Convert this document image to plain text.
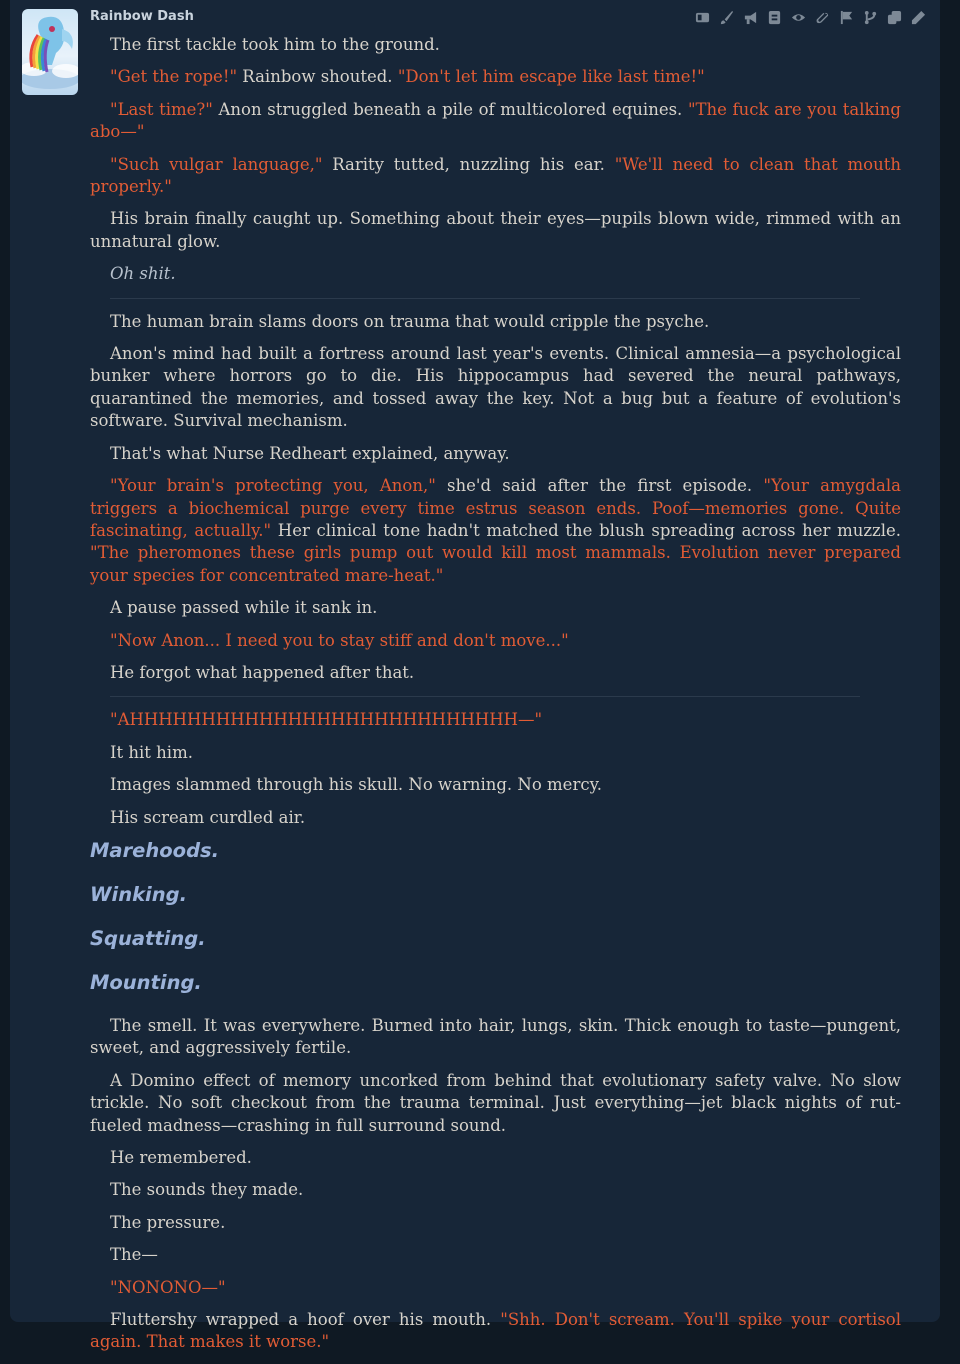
Rainbow Dash

The first tackle took him to the ground.

"Get the rope!" Rainbow shouted. "Don't let him escape like last time!"

"Last time?" Anon struggled beneath a pile of multicolored equines. "The fuck are you talking abo—"

"Such vulgar language," Rarity tutted, nuzzling his ear. "We'll need to clean that mouth properly."

His brain finally caught up. Something about their eyes—pupils blown wide, rimmed with an unnatural glow.

Oh shit.

The human brain slams doors on trauma that would cripple the psyche.

Anon's mind had built a fortress around last year's events. Clinical amnesia—a psychological bunker where horrors go to die. His hippocampus had severed the neural pathways, quarantined the memories, and tossed away the key. Not a bug but a feature of evolution's software. Survival mechanism.

That's what Nurse Redheart explained, anyway.

"Your brain's protecting you, Anon," she'd said after the first episode. "Your amygdala triggers a biochemical purge every time estrus season ends. Poof—memories gone. Quite fascinating, actually." Her clinical tone hadn't matched the blush spreading across her muzzle. "The pheromones these girls pump out would kill most mammals. Evolution never prepared your species for concentrated mare-heat."

A pause passed while it sank in.

"Now Anon... I need you to stay stiff and don't move..."

He forgot what happened after that.

"AHHHHHHHHHHHHHHHHHHHHHHHHHHH—"

It hit him.

Images slammed through his skull. No warning. No mercy.

His scream curdled air.

Marehoods.
Winking.
Squatting.
Mounting.

The smell. It was everywhere. Burned into hair, lungs, skin. Thick enough to taste—pungent, sweet, and aggressively fertile.

A Domino effect of memory uncorked from behind that evolutionary safety valve. No slow trickle. No soft checkout from the trauma terminal. Just everything—jet black nights of rut-fueled madness—crashing in full surround sound.

He remembered.

The sounds they made.

The pressure.

The—

"NONONO—"

Fluttershy wrapped a hoof over his mouth. "Shh. Don't scream. You'll spike your cortisol again. That makes it worse."
